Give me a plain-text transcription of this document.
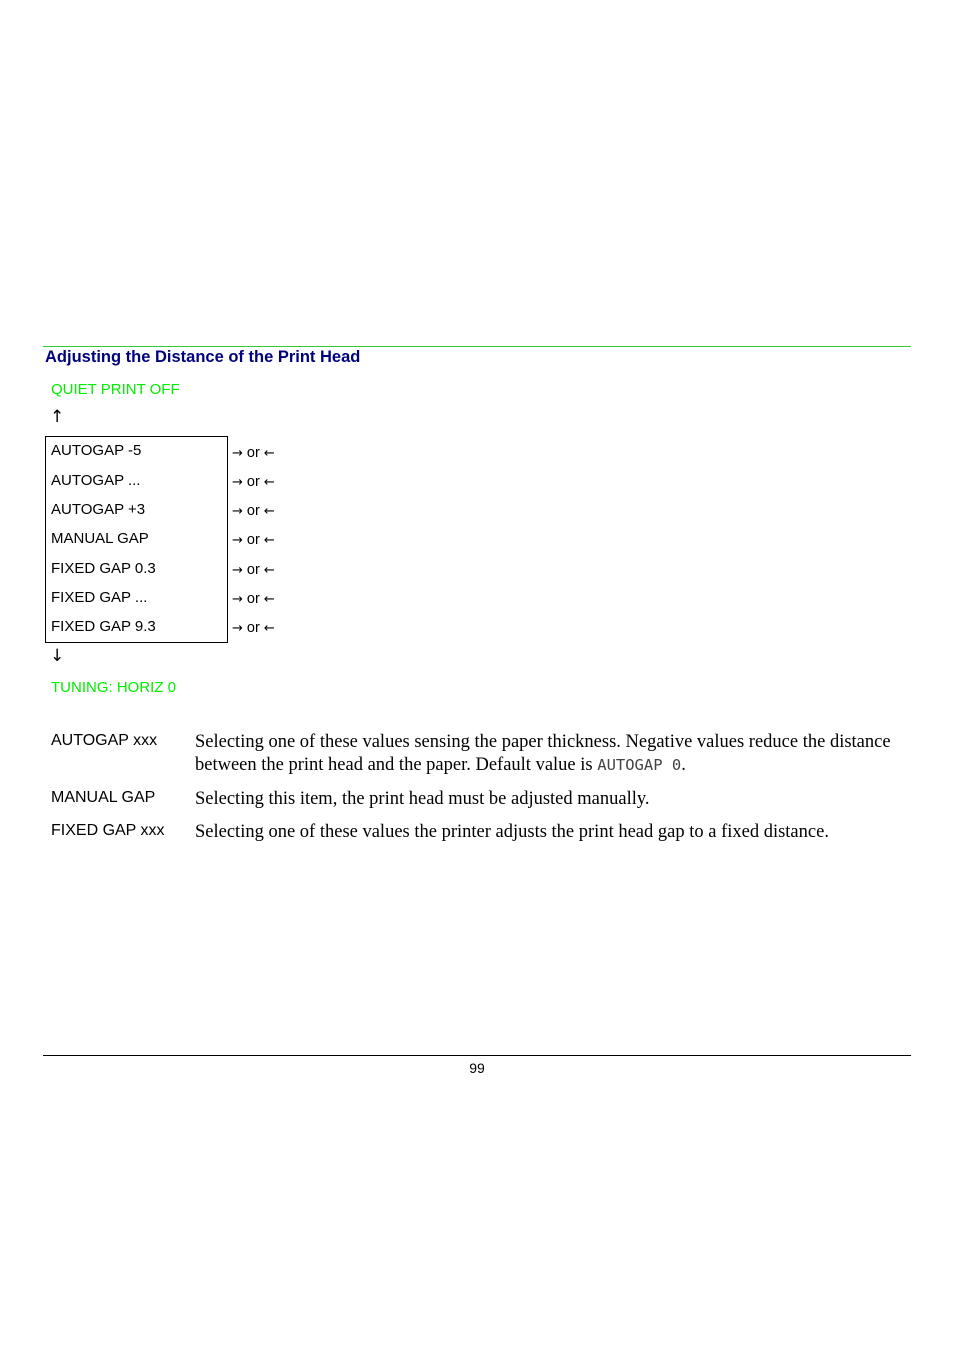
Adjusting the Distance of the Print Head
QUIET PRINT OFF
↑
AUTOGAP -5
AUTOGAP ...
AUTOGAP +3
MANUAL GAP
FIXED GAP 0.3
FIXED GAP ...
FIXED GAP 9.3
→ or ←
→ or ←
→ or ←
→ or ←
→ or ←
→ or ←
→ or ←
↓
TUNING: HORIZ 0
AUTOGAP xxx Selecting one of these values sensing the paper thickness. Negative values reduce the distance between the print head and the paper. Default value is AUTOGAP 0.
MANUAL GAP Selecting this item, the print head must be adjusted manually.
FIXED GAP xxx Selecting one of these values the printer adjusts the print head gap to a fixed distance.
99
